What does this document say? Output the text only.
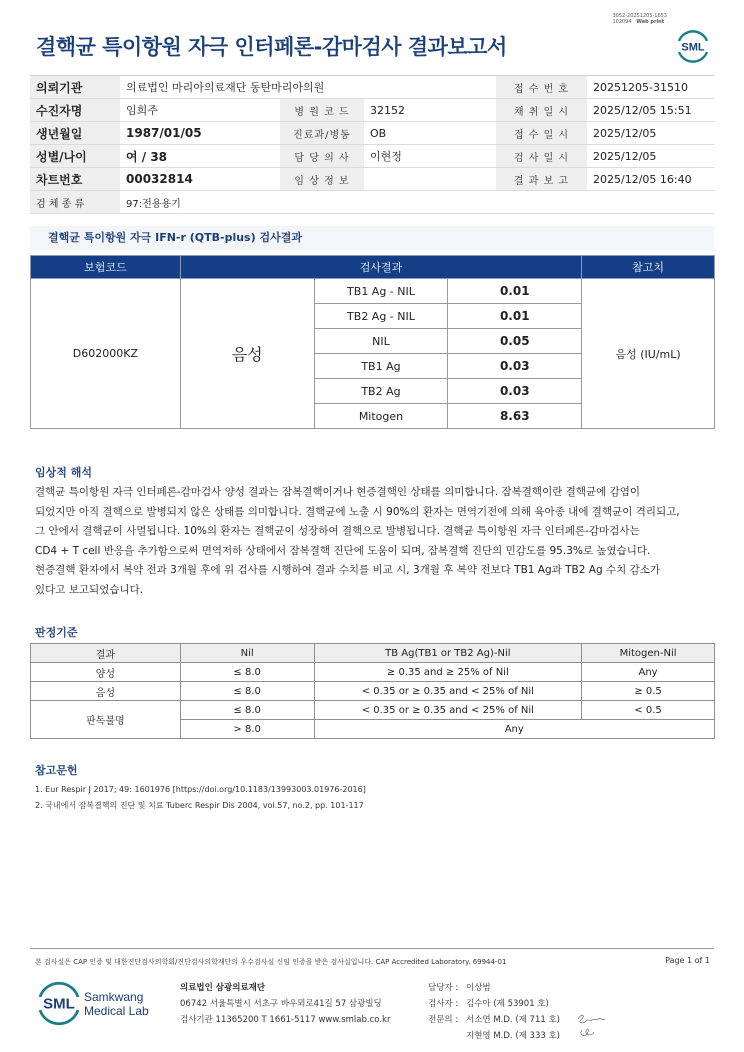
3052-20251205-1653
102094 Web print
결핵균 특이항원 자극 인터페론-감마검사 결과보고서	SML
의뢰기관	의료법인 마리아의료재단 동탄마리아의원			접 수 번 호	20251205-31510
수진자명	임희주	병 원 코 드	32152	채 취 일 시	2025/12/05 15:51
생년월일	1987/01/05	진료과/병동	OB	접 수 일 시	2025/12/05
성별/나이	여 / 38	담 당 의 사	이현정	검 사 일 시	2025/12/05
차트번호	00032814	임 상 정 보		결 과 보 고	2025/12/05 16:40
검 체 종 류	97:전용용기				
결핵균 특이항원 자극 IFN-r (QTB-plus) 검사결과
보험코드	검사결과			참고치
D602000KZ	음성	TB1 Ag - NIL	0.01	음성 (IU/mL)
		TB2 Ag - NIL	0.01	
		NIL	0.05	
		TB1 Ag	0.03	
		TB2 Ag	0.03	
		Mitogen	8.63	
임상적 해석
결핵균 특이항원 자극 인터페론-감마검사 양성 결과는 잠복결핵이거나 현증결핵인 상태를 의미합니다. 잠복결핵이란 결핵균에 감염이
되었지만 아직 결핵으로 발병되지 않은 상태를 의미합니다. 결핵균에 노출 시 90%의 환자는 면역기전에 의해 육아종 내에 결핵균이 격리되고,
그 안에서 결핵균이 사멸됩니다. 10%의 환자는 결핵균이 성장하여 결핵으로 발병됩니다. 결핵균 특이항원 자극 인터페론-감마검사는
CD4 + T cell 반응을 추가함으로써 면역저하 상태에서 잠복결핵 진단에 도움이 되며, 잠복결핵 진단의 민감도를 95.3%로 높였습니다.
현증결핵 환자에서 복약 전과 3개월 후에 위 검사를 시행하여 결과 수치를 비교 시, 3개월 후 복약 전보다 TB1 Ag과 TB2 Ag 수치 감소가
있다고 보고되었습니다.
판정기준
결과	Nil	TB Ag(TB1 or TB2 Ag)-Nil	Mitogen-Nil
양성	≤ 8.0	≥ 0.35 and ≥ 25% of Nil	Any
음성	≤ 8.0	< 0.35 or ≥ 0.35 and < 25% of Nil	≥ 0.5
판독불명	≤ 8.0	< 0.35 or ≥ 0.35 and < 25% of Nil	< 0.5
	> 8.0	Any	
참고문헌
1. Eur Respir J 2017; 49: 1601976 [https://doi.org/10.1183/13993003.01976-2016]
2. 국내에서 잠복결핵의 진단 및 치료 Tuberc Respir Dis 2004, vol.57, no.2, pp. 101-117
본 검사실은 CAP 인증 및 대한진단검사의학회/진단검사의학재단의 우수검사실 신임 인증을 받은 검사실입니다. CAP Accredited Laboratory. 69944-01	Page 1 of 1
SML Samkwang
Medical Lab
의료법인 삼광의료재단
06742 서울특별시 서초구 바우뫼로41길 57 삼광빌딩
검사기관 11365200 T 1661-5117 www.smlab.co.kr
담당자 : 이상범
검사자 : 김수아 (제 53901 호)
전문의 : 서소연 M.D. (제 711 호)
지현영 M.D. (제 333 호)
